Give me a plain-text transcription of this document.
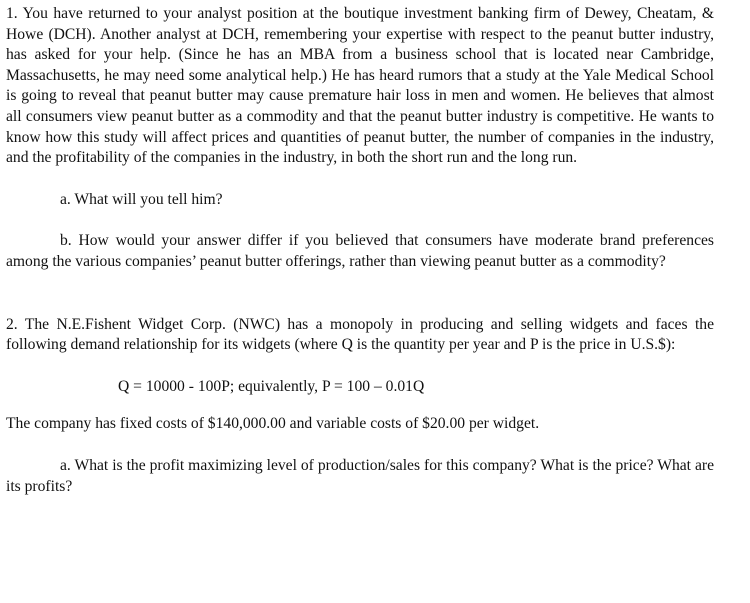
1. You have returned to your analyst position at the boutique investment banking firm of Dewey, Cheatam, & Howe (DCH). Another analyst at DCH, remembering your expertise with respect to the peanut butter industry, has asked for your help. (Since he has an MBA from a business school that is located near Cambridge, Massachusetts, he may need some analytical help.) He has heard rumors that a study at the Yale Medical School is going to reveal that peanut butter may cause premature hair loss in men and women. He believes that almost all consumers view peanut butter as a commodity and that the peanut butter industry is competitive. He wants to know how this study will affect prices and quantities of peanut butter, the number of companies in the industry, and the profitability of the companies in the industry, in both the short run and the long run.

a. What will you tell him?

b. How would your answer differ if you believed that consumers have moderate brand preferences among the various companies’ peanut butter offerings, rather than viewing peanut butter as a commodity?

2. The N.E.Fishent Widget Corp. (NWC) has a monopoly in producing and selling widgets and faces the following demand relationship for its widgets (where Q is the quantity per year and P is the price in U.S.$):

Q = 10000 - 100P; equivalently, P = 100 – 0.01Q

The company has fixed costs of $140,000.00 and variable costs of $20.00 per widget.

a. What is the profit maximizing level of production/sales for this company? What is the price? What are its profits?
